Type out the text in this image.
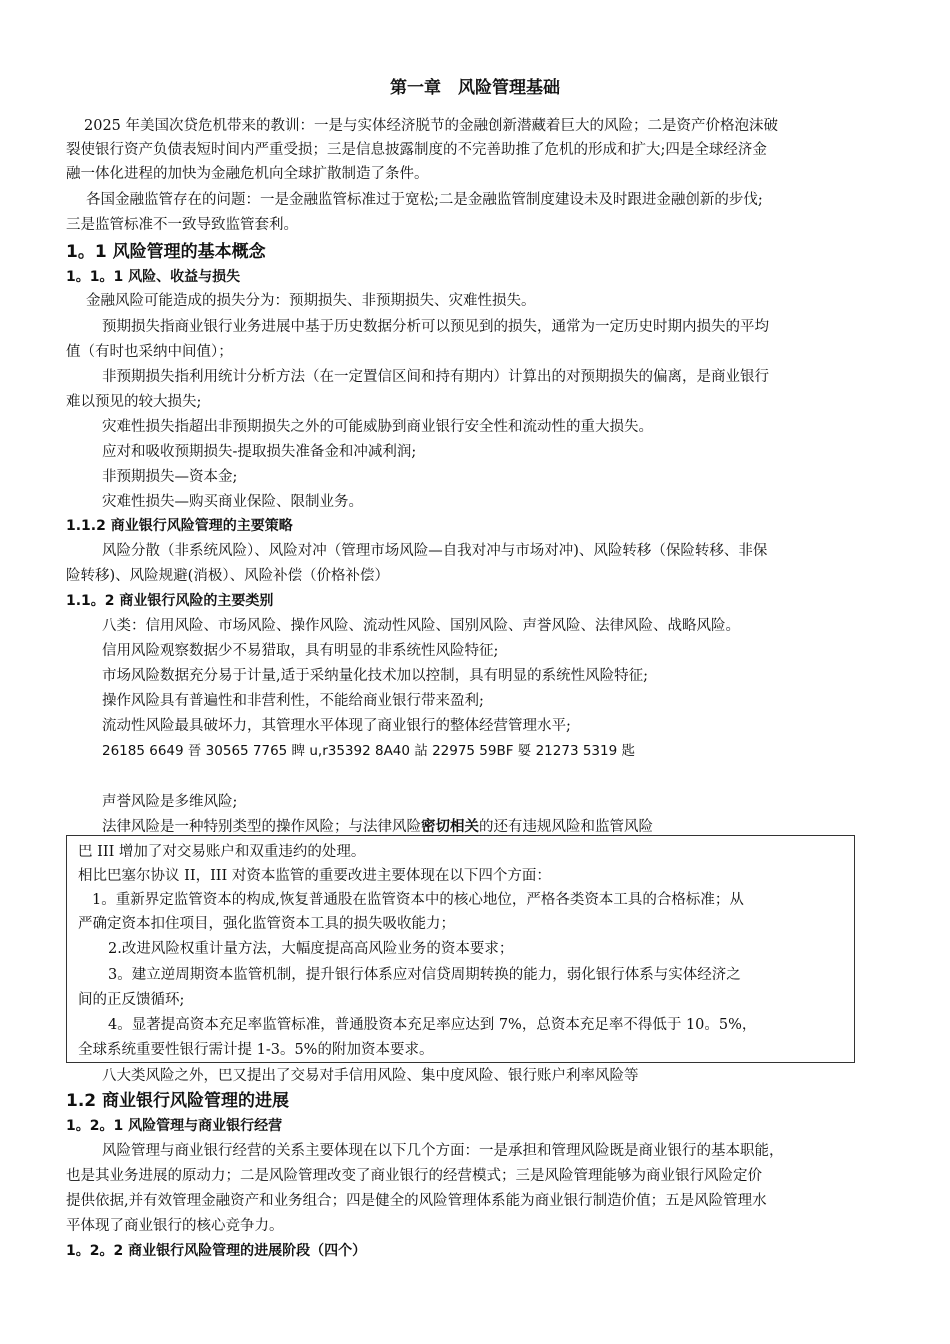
第一章　风险管理基础
2025 年美国次贷危机带来的教训：一是与实体经济脱节的金融创新潜藏着巨大的风险；二是资产价格泡沫破
裂使银行资产负债表短时间内严重受损；三是信息披露制度的不完善助推了危机的形成和扩大;四是全球经济金
融一体化进程的加快为金融危机向全球扩散制造了条件。
各国金融监管存在的问题：一是金融监管标准过于宽松;二是金融监管制度建设未及时跟进金融创新的步伐;
三是监管标准不一致导致监管套利。
1。1 风险管理的基本概念
1。1。1 风险、收益与损失
金融风险可能造成的损失分为：预期损失、非预期损失、灾难性损失。
预期损失指商业银行业务进展中基于历史数据分析可以预见到的损失，通常为一定历史时期内损失的平均
值（有时也采纳中间值）；
非预期损失指利用统计分析方法（在一定置信区间和持有期内）计算出的对预期损失的偏离，是商业银行
难以预见的较大损失;
灾难性损失指超出非预期损失之外的可能威胁到商业银行安全性和流动性的重大损失。
应对和吸收预期损失-提取损失准备金和冲减利润;
非预期损失—资本金;
灾难性损失—购买商业保险、限制业务。
1.1.2 商业银行风险管理的主要策略
风险分散（非系统风险）、风险对冲（管理市场风险—自我对冲与市场对冲)、风险转移（保险转移、非保
险转移)、风险规避(消极）、风险补偿（价格补偿）
1.1。2 商业银行风险的主要类别
八类：信用风险、市场风险、操作风险、流动性风险、国别风险、声誉风险、法律风险、战略风险。
信用风险观察数据少不易猎取，具有明显的非系统性风险特征;
市场风险数据充分易于计量,适于采纳量化技术加以控制，具有明显的系统性风险特征;
操作风险具有普遍性和非营利性，不能给商业银行带来盈利;
流动性风险最具破坏力，其管理水平体现了商业银行的整体经营管理水平;
26185 6649 晉 30565 7765 睥 u,r35392 8A40 詀 22975 59BF 娿 21273 5319 匙
声誉风险是多维风险;
法律风险是一种特别类型的操作风险；与法律风险密切相关的还有违规风险和监管风险
巴 III 增加了对交易账户和双重违约的处理。
相比巴塞尔协议 II，III 对资本监管的重要改进主要体现在以下四个方面：
1。重新界定监管资本的构成,恢复普通股在监管资本中的核心地位，严格各类资本工具的合格标准；从
严确定资本扣住项目，强化监管资本工具的损失吸收能力；
2.改进风险权重计量方法，大幅度提高高风险业务的资本要求；
3。建立逆周期资本监管机制，提升银行体系应对信贷周期转换的能力，弱化银行体系与实体经济之
间的正反馈循环;
4。显著提高资本充足率监管标准，普通股资本充足率应达到 7%，总资本充足率不得低于 10。5%，
全球系统重要性银行需计提 1-3。5%的附加资本要求。
八大类风险之外，巴又提出了交易对手信用风险、集中度风险、银行账户利率风险等
1.2 商业银行风险管理的进展
1。2。1 风险管理与商业银行经营
风险管理与商业银行经营的关系主要体现在以下几个方面：一是承担和管理风险既是商业银行的基本职能，
也是其业务进展的原动力；二是风险管理改变了商业银行的经营模式；三是风险管理能够为商业银行风险定价
提供依据,并有效管理金融资产和业务组合；四是健全的风险管理体系能为商业银行制造价值；五是风险管理水
平体现了商业银行的核心竞争力。
1。2。2 商业银行风险管理的进展阶段（四个）
